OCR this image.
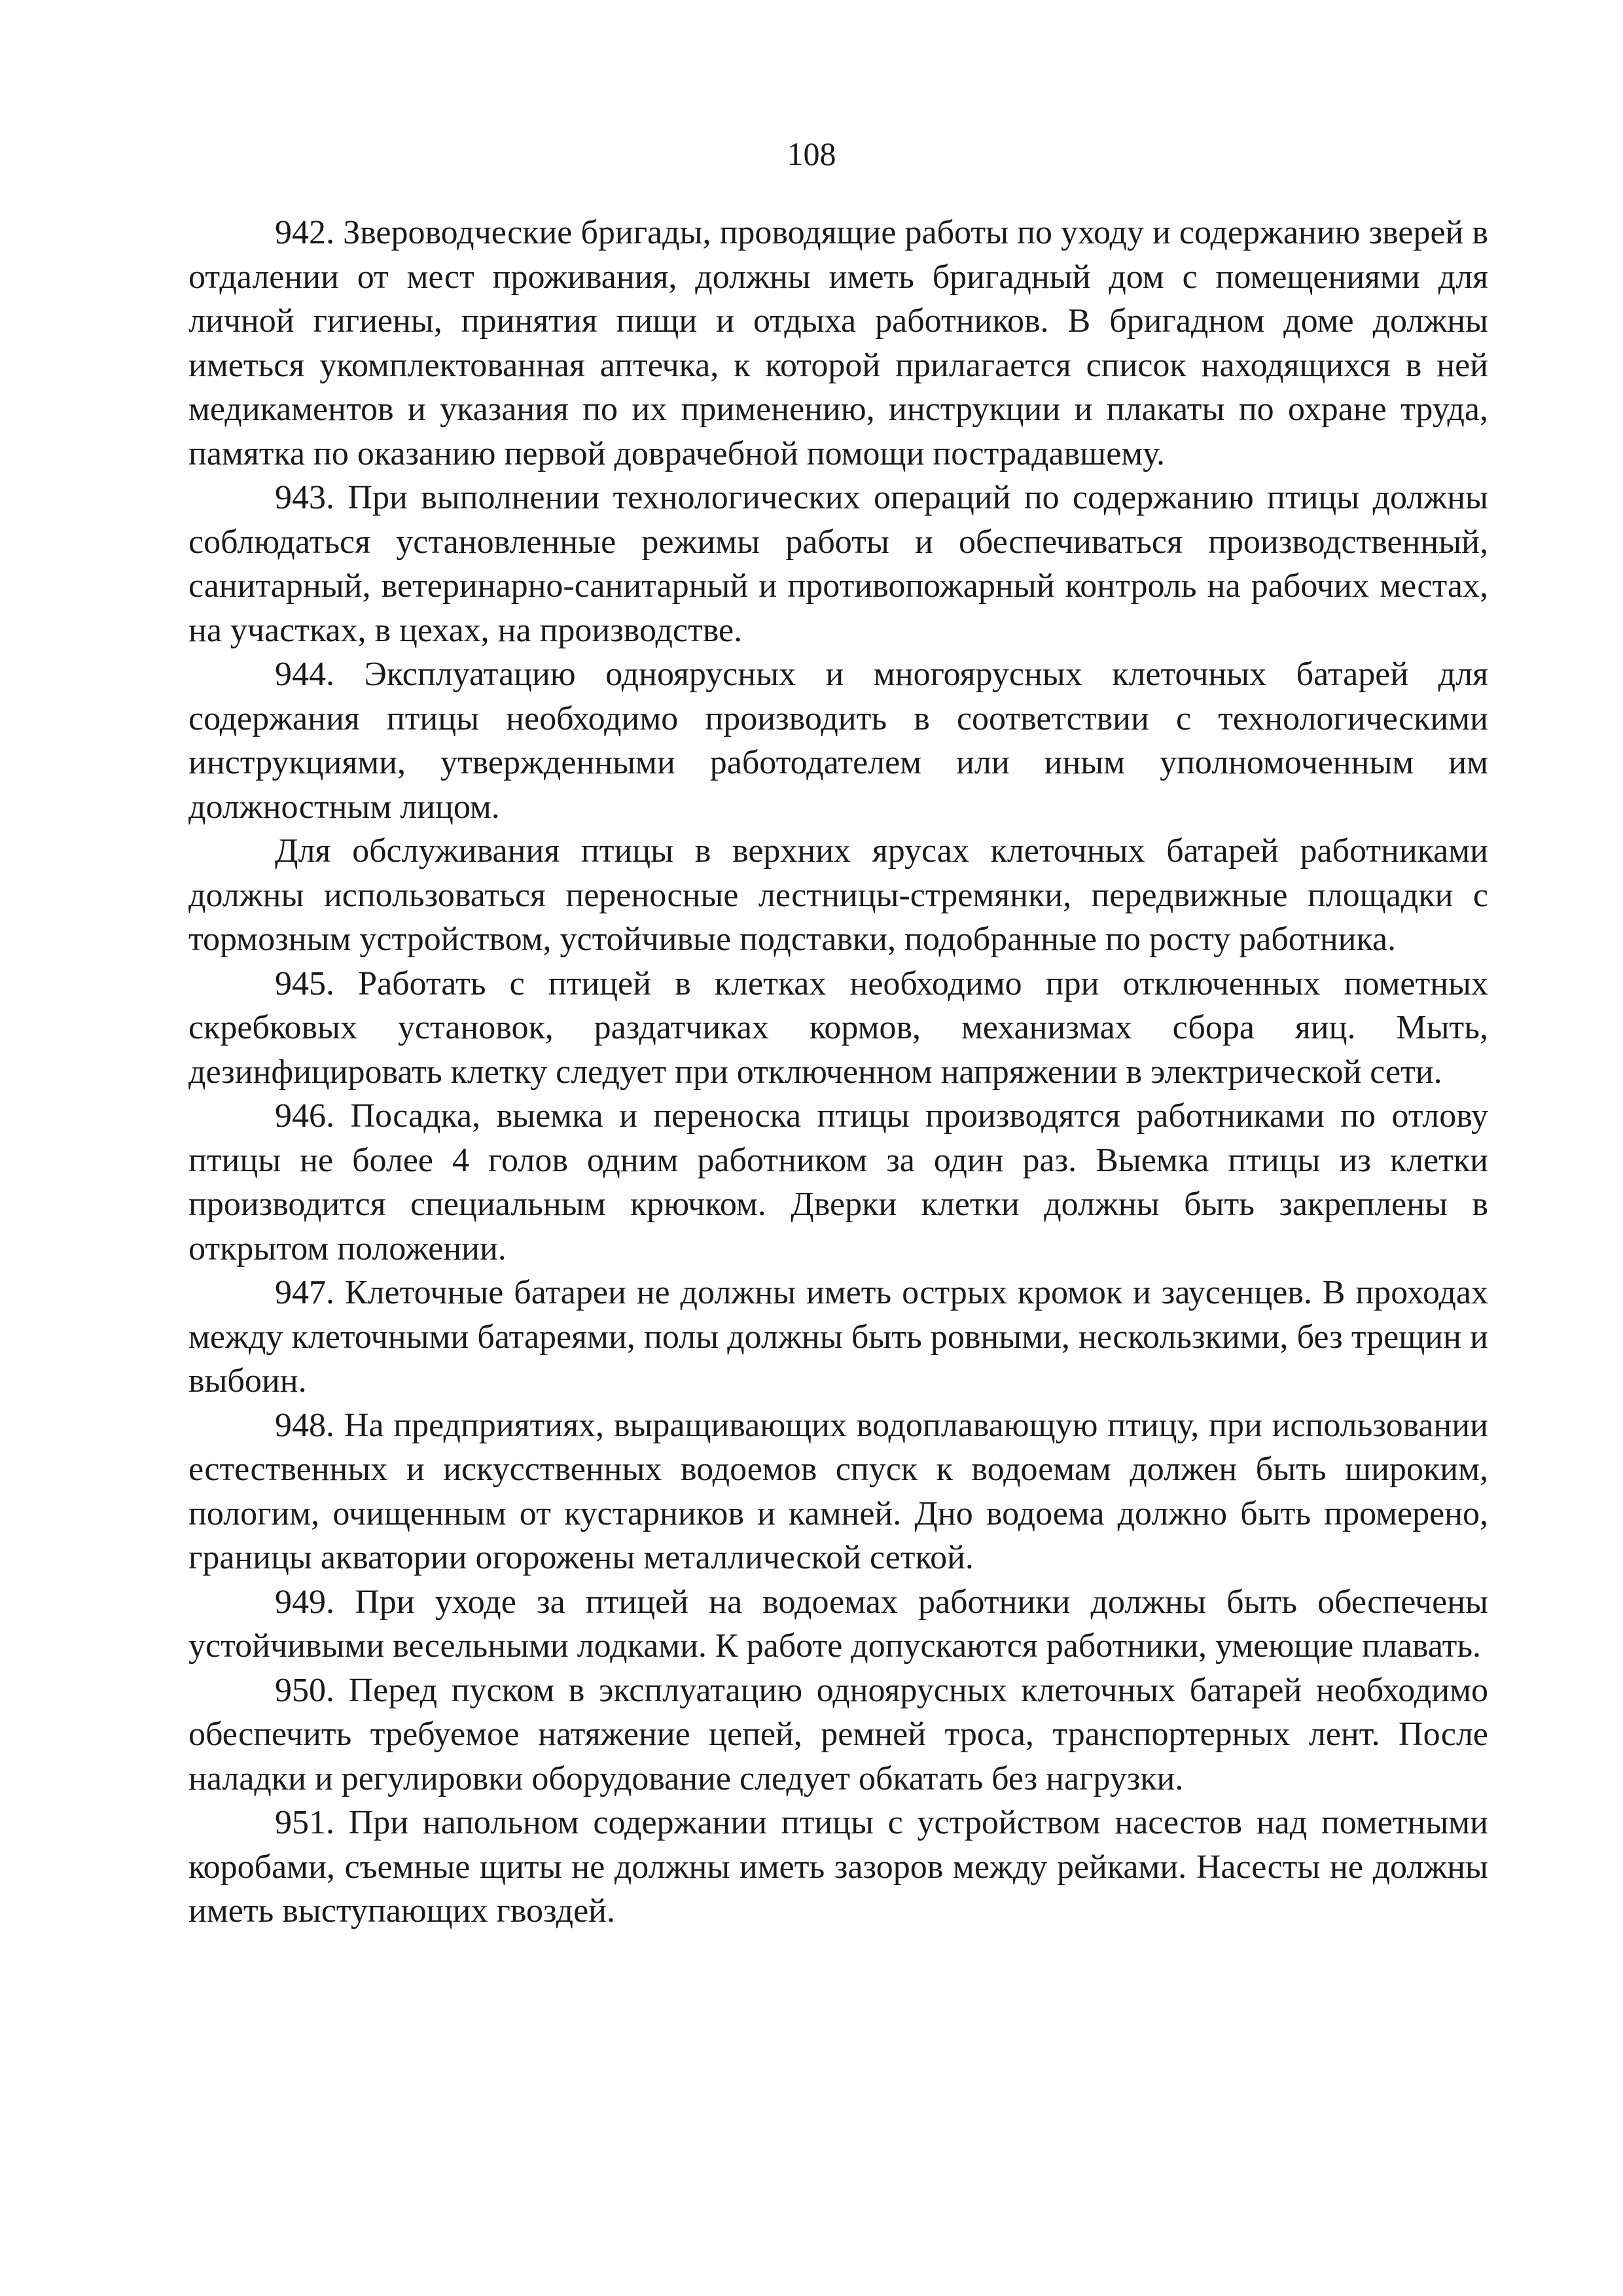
108

942. Звероводческие бригады, проводящие работы по уходу и содержанию зверей в отдалении от мест проживания, должны иметь бригадный дом с помещениями для личной гигиены, принятия пищи и отдыха работников. В бригадном доме должны иметься укомплектованная аптечка, к которой прилагается список находящихся в ней медикаментов и указания по их применению, инструкции и плакаты по охране труда, памятка по оказанию первой доврачебной помощи пострадавшему.

943. При выполнении технологических операций по содержанию птицы должны соблюдаться установленные режимы работы и обеспечиваться производственный, санитарный, ветеринарно-санитарный и противопожарный контроль на рабочих местах, на участках, в цехах, на производстве.

944. Эксплуатацию одноярусных и многоярусных клеточных батарей для содержания птицы необходимо производить в соответствии с технологическими инструкциями, утвержденными работодателем или иным уполномоченным им должностным лицом.

Для обслуживания птицы в верхних ярусах клеточных батарей работниками должны использоваться переносные лестницы-стремянки, передвижные площадки с тормозным устройством, устойчивые подставки, подобранные по росту работника.

945. Работать с птицей в клетках необходимо при отключенных пометных скребковых установок, раздатчиках кормов, механизмах сбора яиц. Мыть, дезинфицировать клетку следует при отключенном напряжении в электрической сети.

946. Посадка, выемка и переноска птицы производятся работниками по отлову птицы не более 4 голов одним работником за один раз. Выемка птицы из клетки производится специальным крючком. Дверки клетки должны быть закреплены в открытом положении.

947. Клеточные батареи не должны иметь острых кромок и заусенцев. В проходах между клеточными батареями, полы должны быть ровными, нескользкими, без трещин и выбоин.

948. На предприятиях, выращивающих водоплавающую птицу, при использовании естественных и искусственных водоемов спуск к водоемам должен быть широким, пологим, очищенным от кустарников и камней. Дно водоема должно быть промерено, границы акватории огорожены металлической сеткой.

949. При уходе за птицей на водоемах работники должны быть обеспечены устойчивыми весельными лодками. К работе допускаются работники, умеющие плавать.

950. Перед пуском в эксплуатацию одноярусных клеточных батарей необходимо обеспечить требуемое натяжение цепей, ремней троса, транспортерных лент. После наладки и регулировки оборудование следует обкатать без нагрузки.

951. При напольном содержании птицы с устройством насестов над пометными коробами, съемные щиты не должны иметь зазоров между рейками. Насесты не должны иметь выступающих гвоздей.
